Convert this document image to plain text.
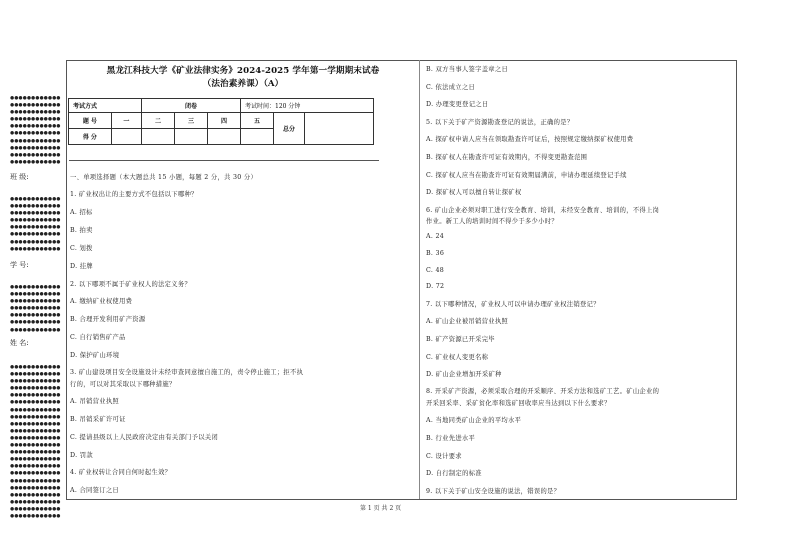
●●●●●●●●●●●●
●●●●●●●●●●●●
●●●●●●●●●●●●
●●●●●●●●●●●●
●●●●●●●●●●●●
●●●●●●●●●●●●
●●●●●●●●●●●●
●●●●●●●●●●●●
●●●●●●●●●●●●
●●●●●●●●●●●●
班 级:
●●●●●●●●●●●●
●●●●●●●●●●●●
●●●●●●●●●●●●
●●●●●●●●●●●●
●●●●●●●●●●●●
●●●●●●●●●●●●
●●●●●●●●●●●●
●●●●●●●●●●●●
学 号:
●●●●●●●●●●●●
●●●●●●●●●●●●
●●●●●●●●●●●●
●●●●●●●●●●●●
●●●●●●●●●●●●
●●●●●●●●●●●●
●●●●●●●●●●●●
姓 名:
●●●●●●●●●●●●
●●●●●●●●●●●●
●●●●●●●●●●●●
●●●●●●●●●●●●
●●●●●●●●●●●●
●●●●●●●●●●●●
●●●●●●●●●●●●
●●●●●●●●●●●●
●●●●●●●●●●●●
●●●●●●●●●●●●
●●●●●●●●●●●●
●●●●●●●●●●●●
●●●●●●●●●●●●
●●●●●●●●●●●●
●●●●●●●●●●●●
●●●●●●●●●●●●
●●●●●●●●●●●●
●●●●●●●●●●●●
●●●●●●●●●●●●
●●●●●●●●●●●●
●●●●●●●●●●●●
●●●●●●●●●●●●
黑龙江科技大学《矿业法律实务》2024-2025 学年第一学期期末试卷
（法治素养课）（A）
考试方式		闭卷			考试时间：120 分钟		
题 号	一	二	三	四	五	总分	
得 分							
一、单项选择题（本大题总共 15 小题，每题 2 分，共 30 分）
1. 矿业权出让的主要方式不包括以下哪种？
A. 招标
B. 拍卖
C. 划拨
D. 挂牌
2. 以下哪项不属于矿业权人的法定义务？
A. 缴纳矿业权使用费
B. 合理开发利用矿产资源
C. 自行销售矿产品
D. 保护矿山环境
3. 矿山建设项目安全设施设计未经审查同意擅自施工的，责令停止施工；拒不执
行的，可以对其采取以下哪种措施？
A. 吊销营业执照
B. 吊销采矿许可证
C. 提请县级以上人民政府决定由有关部门予以关闭
D. 罚款
4. 矿业权转让合同自何时起生效？
A. 合同签订之日
B. 双方当事人签字盖章之日
C. 依法成立之日
D. 办理变更登记之日
5. 以下关于矿产资源勘查登记的说法，正确的是？
A. 探矿权申请人应当在领取勘查许可证后，按照规定缴纳探矿权使用费
B. 探矿权人在勘查许可证有效期内，不得变更勘查范围
C. 探矿权人应当在勘查许可证有效期届满前，申请办理延续登记手续
D. 探矿权人可以擅自转让探矿权
6. 矿山企业必须对职工进行安全教育、培训，未经安全教育、培训的，不得上岗
作业。新工人的培训时间不得少于多少小时？
A. 24
B. 36
C. 48
D. 72
7. 以下哪种情况，矿业权人可以申请办理矿业权注销登记？
A. 矿山企业被吊销营业执照
B. 矿产资源已开采完毕
C. 矿业权人变更名称
D. 矿山企业增加开采矿种
8. 开采矿产资源，必须采取合理的开采顺序、开采方法和选矿工艺。矿山企业的
开采回采率、采矿贫化率和选矿回收率应当达到以下什么要求？
A. 当地同类矿山企业的平均水平
B. 行业先进水平
C. 设计要求
D. 自行制定的标准
9. 以下关于矿山安全设施的说法，错误的是？
第 1 页 共 2 页
